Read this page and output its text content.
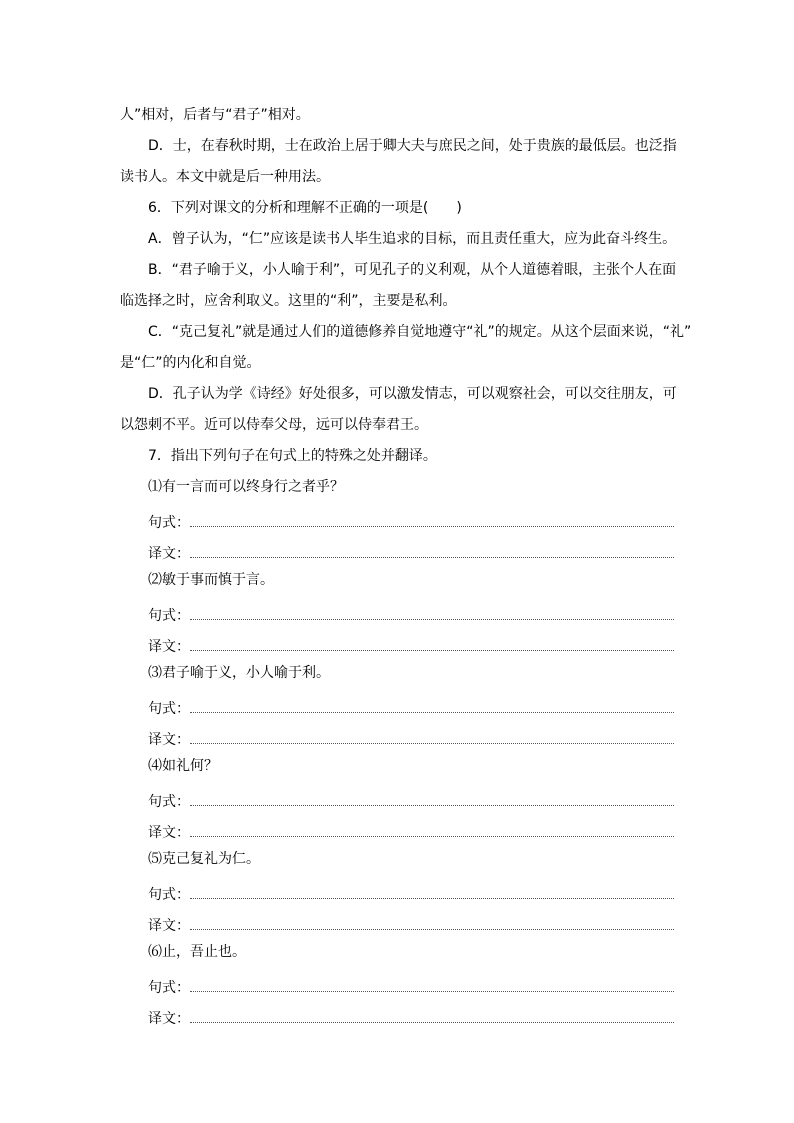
人”相对，后者与“君子”相对。
D．士，在春秋时期，士在政治上居于卿大夫与庶民之间，处于贵族的最低层。也泛指
读书人。本文中就是后一种用法。
6．下列对课文的分析和理解不正确的一项是(　　)
A．曾子认为，“仁”应该是读书人毕生追求的目标，而且责任重大，应为此奋斗终生。
B．“君子喻于义，小人喻于利”，可见孔子的义利观，从个人道德着眼，主张个人在面
临选择之时，应舍利取义。这里的“利”，主要是私利。
C．“克己复礼”就是通过人们的道德修养自觉地遵守“礼”的规定。从这个层面来说，“礼”
是“仁”的内化和自觉。
D．孔子认为学《诗经》好处很多，可以激发情志，可以观察社会，可以交往朋友，可
以怨刺不平。近可以侍奉父母，远可以侍奉君王。
7．指出下列句子在句式上的特殊之处并翻译。
⑴有一言而可以终身行之者乎？
句式：
译文：
⑵敏于事而慎于言。
句式：
译文：
⑶君子喻于义，小人喻于利。
句式：
译文：
⑷如礼何？
句式：
译文：
⑸克己复礼为仁。
句式：
译文：
⑹止，吾止也。
句式：
译文：
